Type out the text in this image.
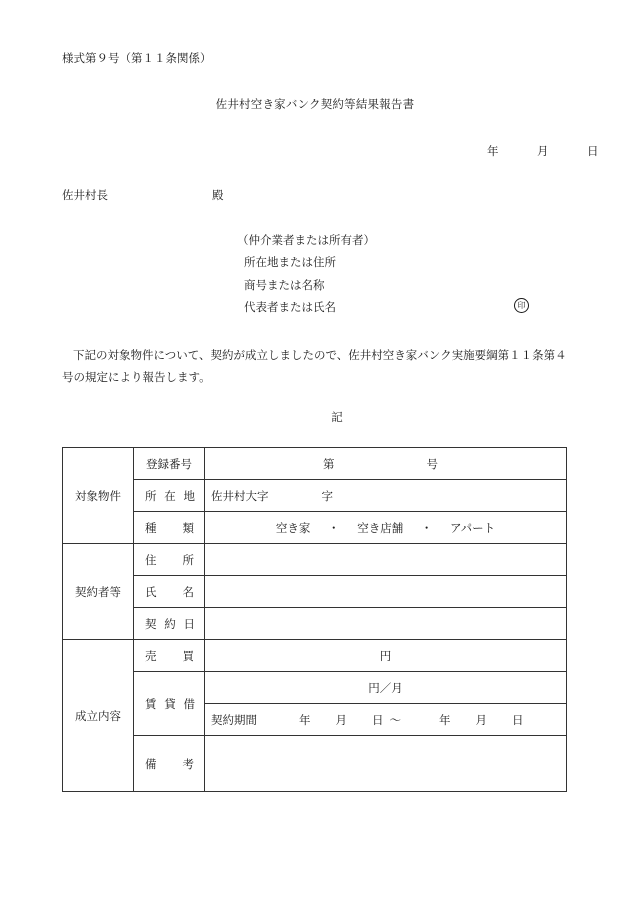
様式第９号（第１１条関係）
佐井村空き家バンク契約等結果報告書
年	月	日
佐井村長	殿
（仲介業者または所有者）
所在地または住所
商号または名称
代表者または氏名	印
下記の対象物件について、契約が成立しましたので、佐井村空き家バンク実施要綱第１１条第４号の規定により報告します。
記
対象物件	登録番号	第 号

	所 在 地	佐井村大字 字

	種 類	空き家 ・ 空き店舗 ・ アパート
契約者等	住 所	

	氏 名	

	契 約 日	

成立内容	売 買	円

	賃 貸 借	円／月
		契約期間 年 月 日 ～ 年 月 日

	備 考	
